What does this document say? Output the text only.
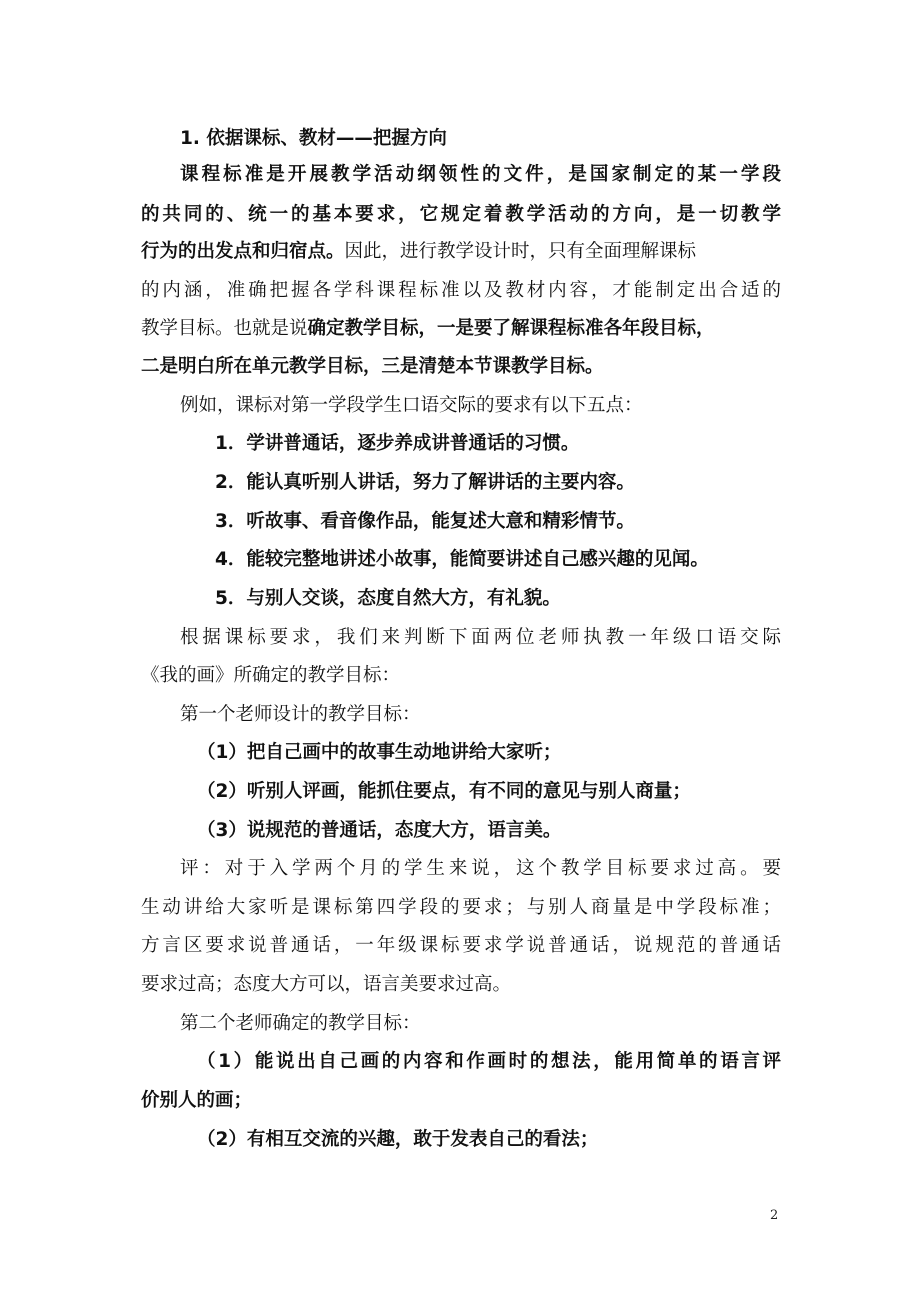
1. 依据课标、教材——把握方向

课程标准是开展教学活动纲领性的文件，是国家制定的某一学段

的共同的、统一的基本要求，它规定着教学活动的方向，是一切教学

行为的出发点和归宿点。因此，进行教学设计时，只有全面理解课标

的内涵，准确把握各学科课程标准以及教材内容，才能制定出合适的

教学目标。也就是说确定教学目标，一是要了解课程标准各年段目标，

二是明白所在单元教学目标，三是清楚本节课教学目标。

例如，课标对第一学段学生口语交际的要求有以下五点：

1．学讲普通话，逐步养成讲普通话的习惯。

2．能认真听别人讲话，努力了解讲话的主要内容。

3．听故事、看音像作品，能复述大意和精彩情节。

4．能较完整地讲述小故事，能简要讲述自己感兴趣的见闻。

5．与别人交谈，态度自然大方，有礼貌。

根据课标要求，我们来判断下面两位老师执教一年级口语交际

《我的画》所确定的教学目标：

第一个老师设计的教学目标：

（1）把自己画中的故事生动地讲给大家听；

（2）听别人评画，能抓住要点，有不同的意见与别人商量；

（3）说规范的普通话，态度大方，语言美。

评：对于入学两个月的学生来说，这个教学目标要求过高。要

生动讲给大家听是课标第四学段的要求；与别人商量是中学段标准；

方言区要求说普通话，一年级课标要求学说普通话，说规范的普通话

要求过高；态度大方可以，语言美要求过高。

第二个老师确定的教学目标：

（1）能说出自己画的内容和作画时的想法，能用简单的语言评

价别人的画；

（2）有相互交流的兴趣，敢于发表自己的看法；

2
